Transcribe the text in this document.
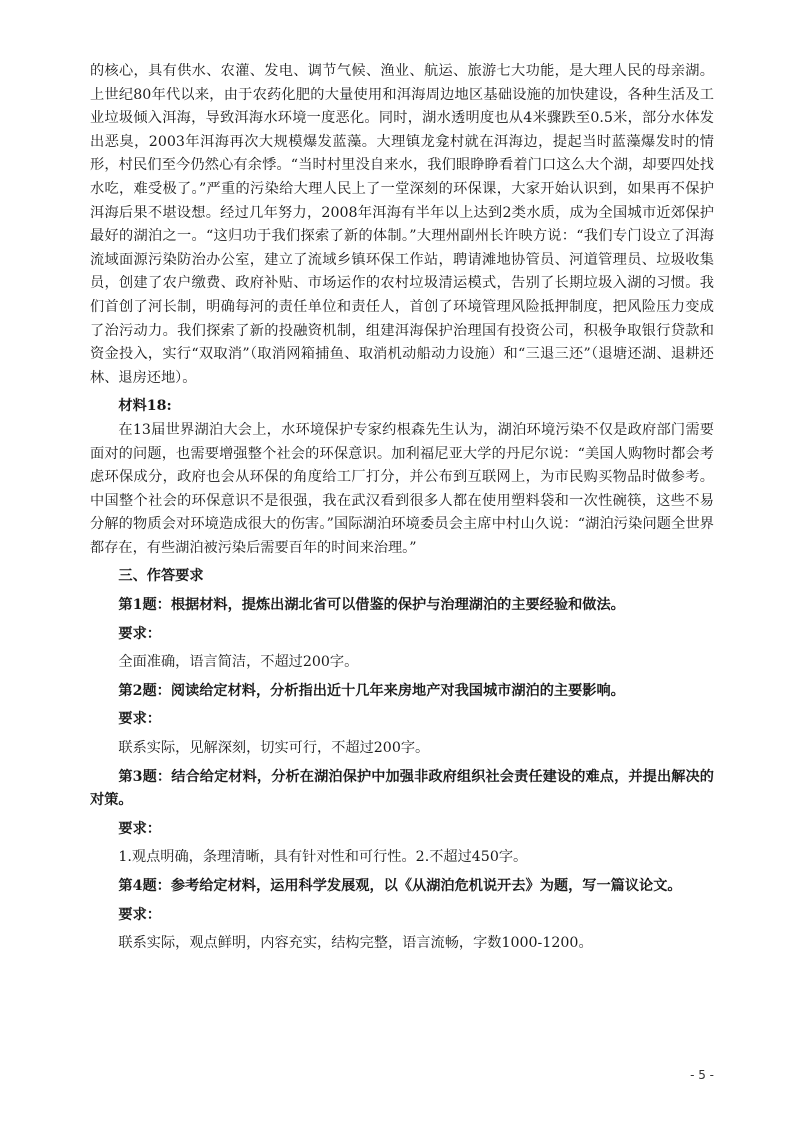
的核心，具有供水、农灌、发电、调节气候、渔业、航运、旅游七大功能，是大理人民的母亲湖。上世纪80年代以来，由于农药化肥的大量使用和洱海周边地区基础设施的加快建设，各种生活及工业垃圾倾入洱海，导致洱海水环境一度恶化。同时，湖水透明度也从4米骤跌至0.5米，部分水体发出恶臭，2003年洱海再次大规模爆发蓝藻。大理镇龙龛村就在洱海边，提起当时蓝藻爆发时的情形，村民们至今仍然心有余悸。“当时村里没自来水，我们眼睁睁看着门口这么大个湖，却要四处找水吃，难受极了。”严重的污染给大理人民上了一堂深刻的环保课，大家开始认识到，如果再不保护洱海后果不堪设想。经过几年努力，2008年洱海有半年以上达到2类水质，成为全国城市近郊保护最好的湖泊之一。“这归功于我们探索了新的体制。”大理州副州长许映方说：“我们专门设立了洱海流域面源污染防治办公室，建立了流域乡镇环保工作站，聘请滩地协管员、河道管理员、垃圾收集员，创建了农户缴费、政府补贴、市场运作的农村垃圾清运模式，告别了长期垃圾入湖的习惯。我们首创了河长制，明确每河的责任单位和责任人，首创了环境管理风险抵押制度，把风险压力变成了治污动力。我们探索了新的投融资机制，组建洱海保护治理国有投资公司，积极争取银行贷款和资金投入，实行“双取消”（取消网箱捕鱼、取消机动船动力设施）和“三退三还”（退塘还湖、退耕还林、退房还地）。

材料18:

在13届世界湖泊大会上，水环境保护专家约根森先生认为，湖泊环境污染不仅是政府部门需要面对的问题，也需要增强整个社会的环保意识。加利福尼亚大学的丹尼尔说：“美国人购物时都会考虑环保成分，政府也会从环保的角度给工厂打分，并公布到互联网上，为市民购买物品时做参考。中国整个社会的环保意识不是很强，我在武汉看到很多人都在使用塑料袋和一次性碗筷，这些不易分解的物质会对环境造成很大的伤害。”国际湖泊环境委员会主席中村山久说：“湖泊污染问题全世界都存在，有些湖泊被污染后需要百年的时间来治理。”

三、作答要求

第1题：根据材料，提炼出湖北省可以借鉴的保护与治理湖泊的主要经验和做法。

要求：

全面准确，语言简洁，不超过200字。

第2题：阅读给定材料，分析指出近十几年来房地产对我国城市湖泊的主要影响。

要求：

联系实际，见解深刻，切实可行，不超过200字。

第3题：结合给定材料，分析在湖泊保护中加强非政府组织社会责任建设的难点，并提出解决的对策。

要求：

1.观点明确，条理清晰，具有针对性和可行性。2.不超过450字。

第4题：参考给定材料，运用科学发展观，以《从湖泊危机说开去》为题，写一篇议论文。

要求：

联系实际，观点鲜明，内容充实，结构完整，语言流畅，字数1000-1200。

- 5 -
